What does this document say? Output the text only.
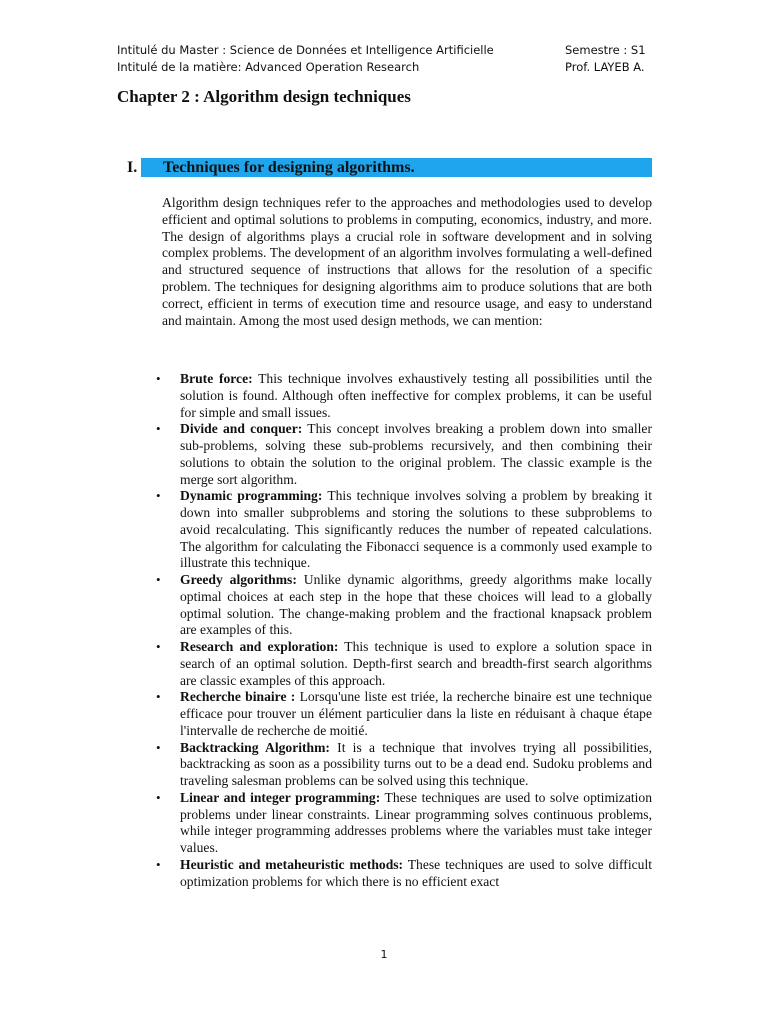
Intitulé du Master : Science de Données et Intelligence Artificielle	Semestre : S1
Intitulé de la matière: Advanced Operation Research	Prof. LAYEB A.
Chapter 2 : Algorithm design techniques
I.	Techniques for designing algorithms.

Algorithm design techniques refer to the approaches and methodologies used to develop efficient and optimal solutions to problems in computing, economics, industry, and more. The design of algorithms plays a crucial role in software development and in solving complex problems. The development of an algorithm involves formulating a well-defined and structured sequence of instructions that allows for the resolution of a specific problem. The techniques for designing algorithms aim to produce solutions that are both correct, efficient in terms of execution time and resource usage, and easy to understand and maintain. Among the most used design methods, we can mention:

• Brute force: This technique involves exhaustively testing all possibilities until the solution is found. Although often ineffective for complex problems, it can be useful for simple and small issues.
• Divide and conquer: This concept involves breaking a problem down into smaller sub-problems, solving these sub-problems recursively, and then combining their solutions to obtain the solution to the original problem. The classic example is the merge sort algorithm.
• Dynamic programming: This technique involves solving a problem by breaking it down into smaller subproblems and storing the solutions to these subproblems to avoid recalculating. This significantly reduces the number of repeated calculations. The algorithm for calculating the Fibonacci sequence is a commonly used example to illustrate this technique.
• Greedy algorithms: Unlike dynamic algorithms, greedy algorithms make locally optimal choices at each step in the hope that these choices will lead to a globally optimal solution. The change-making problem and the fractional knapsack problem are examples of this.
• Research and exploration: This technique is used to explore a solution space in search of an optimal solution. Depth-first search and breadth-first search algorithms are classic examples of this approach.
• Recherche binaire : Lorsqu'une liste est triée, la recherche binaire est une technique efficace pour trouver un élément particulier dans la liste en réduisant à chaque étape l'intervalle de recherche de moitié.
• Backtracking Algorithm: It is a technique that involves trying all possibilities, backtracking as soon as a possibility turns out to be a dead end. Sudoku problems and traveling salesman problems can be solved using this technique.
• Linear and integer programming: These techniques are used to solve optimization problems under linear constraints. Linear programming solves continuous problems, while integer programming addresses problems where the variables must take integer values.
• Heuristic and metaheuristic methods: These techniques are used to solve difficult optimization problems for which there is no efficient exact
1
